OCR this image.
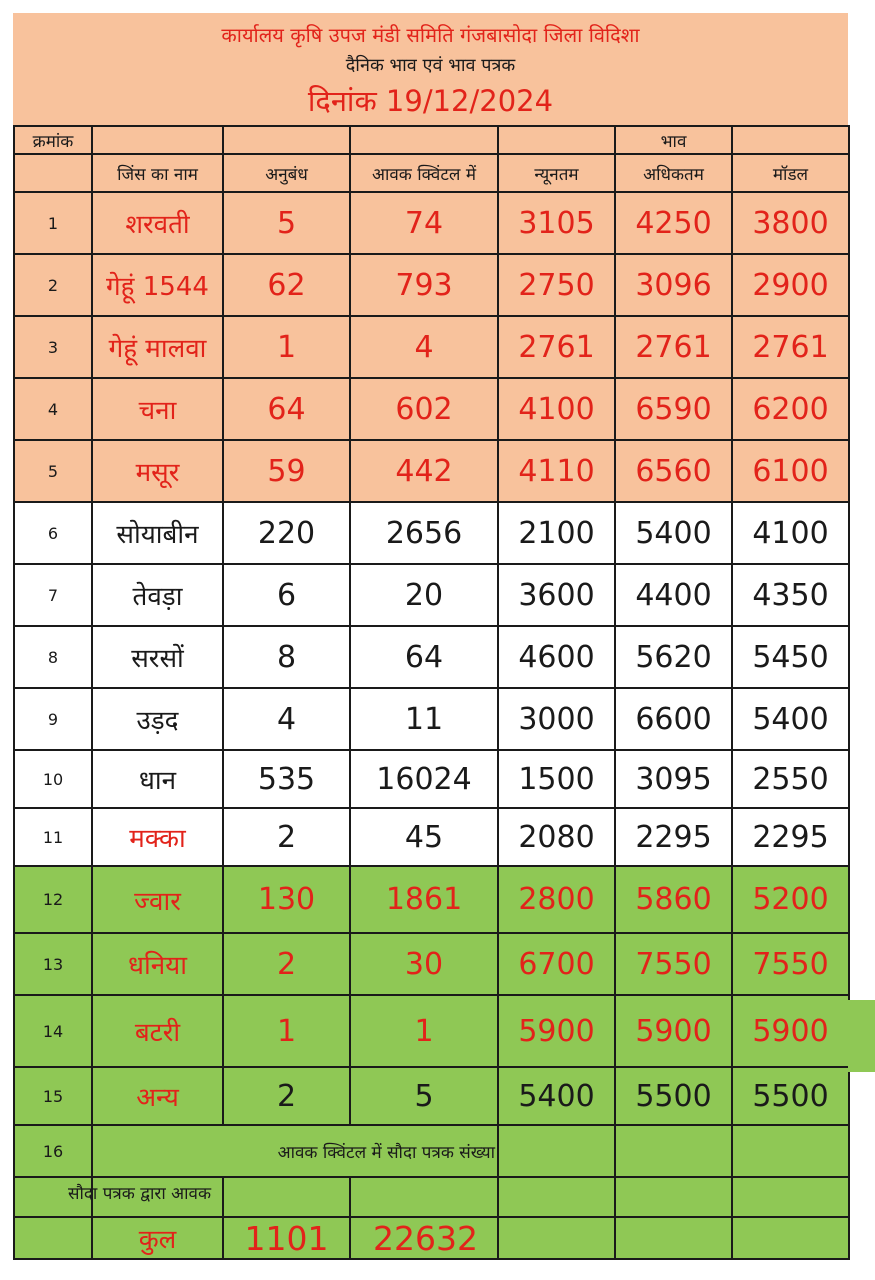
कार्यालय कृषि उपज मंडी समिति गंजबासोदा जिला विदिशा
दैनिक भाव एवं भाव पत्रक
दिनांक 19/12/2024
क्रमांक					भाव	
	जिंस का नाम	अनुबंध	आवक क्विंटल में	न्यूनतम	अधिकतम	मॉडल
1	शरवती	5	74	3105	4250	3800
2	गेहूं 1544	62	793	2750	3096	2900
3	गेहूं मालवा	1	4	2761	2761	2761
4	चना	64	602	4100	6590	6200
5	मसूर	59	442	4110	6560	6100
6	सोयाबीन	220	2656	2100	5400	4100
7	तेवड़ा	6	20	3600	4400	4350
8	सरसों	8	64	4600	5620	5450
9	उड़द	4	11	3000	6600	5400
10	धान	535	16024	1500	3095	2550
11	मक्का	2	45	2080	2295	2295
12	ज्वार	130	1861	2800	5860	5200
13	धनिया	2	30	6700	7550	7550
14	बटरी	1	1	5900	5900	5900
15	अन्य	2	5	5400	5500	5500
16	आवक क्विंटल में सौदा पत्रक संख्या					

	कुल	1101	22632			
सौदा पत्रक द्वारा आवक
